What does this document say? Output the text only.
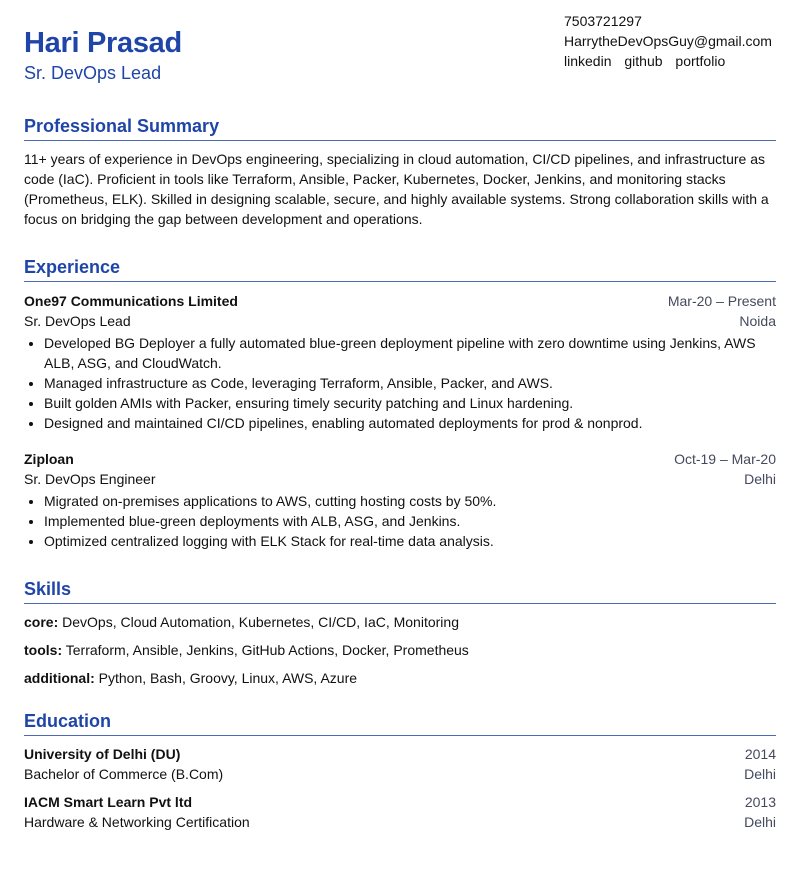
Hari Prasad
Sr. DevOps Lead
7503721297
HarrytheDevOpsGuy@gmail.com
linkedin github portfolio
Professional Summary
11+ years of experience in DevOps engineering, specializing in cloud automation, CI/CD pipelines, and infrastructure as code (IaC). Proficient in tools like Terraform, Ansible, Packer, Kubernetes, Docker, Jenkins, and monitoring stacks (Prometheus, ELK). Skilled in designing scalable, secure, and highly available systems. Strong collaboration skills with a focus on bridging the gap between development and operations.
Experience
One97 Communications Limited	Mar-20 – Present
Sr. DevOps Lead	Noida
• Developed BG Deployer a fully automated blue-green deployment pipeline with zero downtime using Jenkins, AWS ALB, ASG, and CloudWatch.
• Managed infrastructure as Code, leveraging Terraform, Ansible, Packer, and AWS.
• Built golden AMIs with Packer, ensuring timely security patching and Linux hardening.
• Designed and maintained CI/CD pipelines, enabling automated deployments for prod & nonprod.
Ziploan	Oct-19 – Mar-20
Sr. DevOps Engineer	Delhi
• Migrated on-premises applications to AWS, cutting hosting costs by 50%.
• Implemented blue-green deployments with ALB, ASG, and Jenkins.
• Optimized centralized logging with ELK Stack for real-time data analysis.
Skills
core: DevOps, Cloud Automation, Kubernetes, CI/CD, IaC, Monitoring
tools: Terraform, Ansible, Jenkins, GitHub Actions, Docker, Prometheus
additional: Python, Bash, Groovy, Linux, AWS, Azure
Education
University of Delhi (DU)	2014
Bachelor of Commerce (B.Com)	Delhi
IACM Smart Learn Pvt ltd	2013
Hardware & Networking Certification	Delhi
